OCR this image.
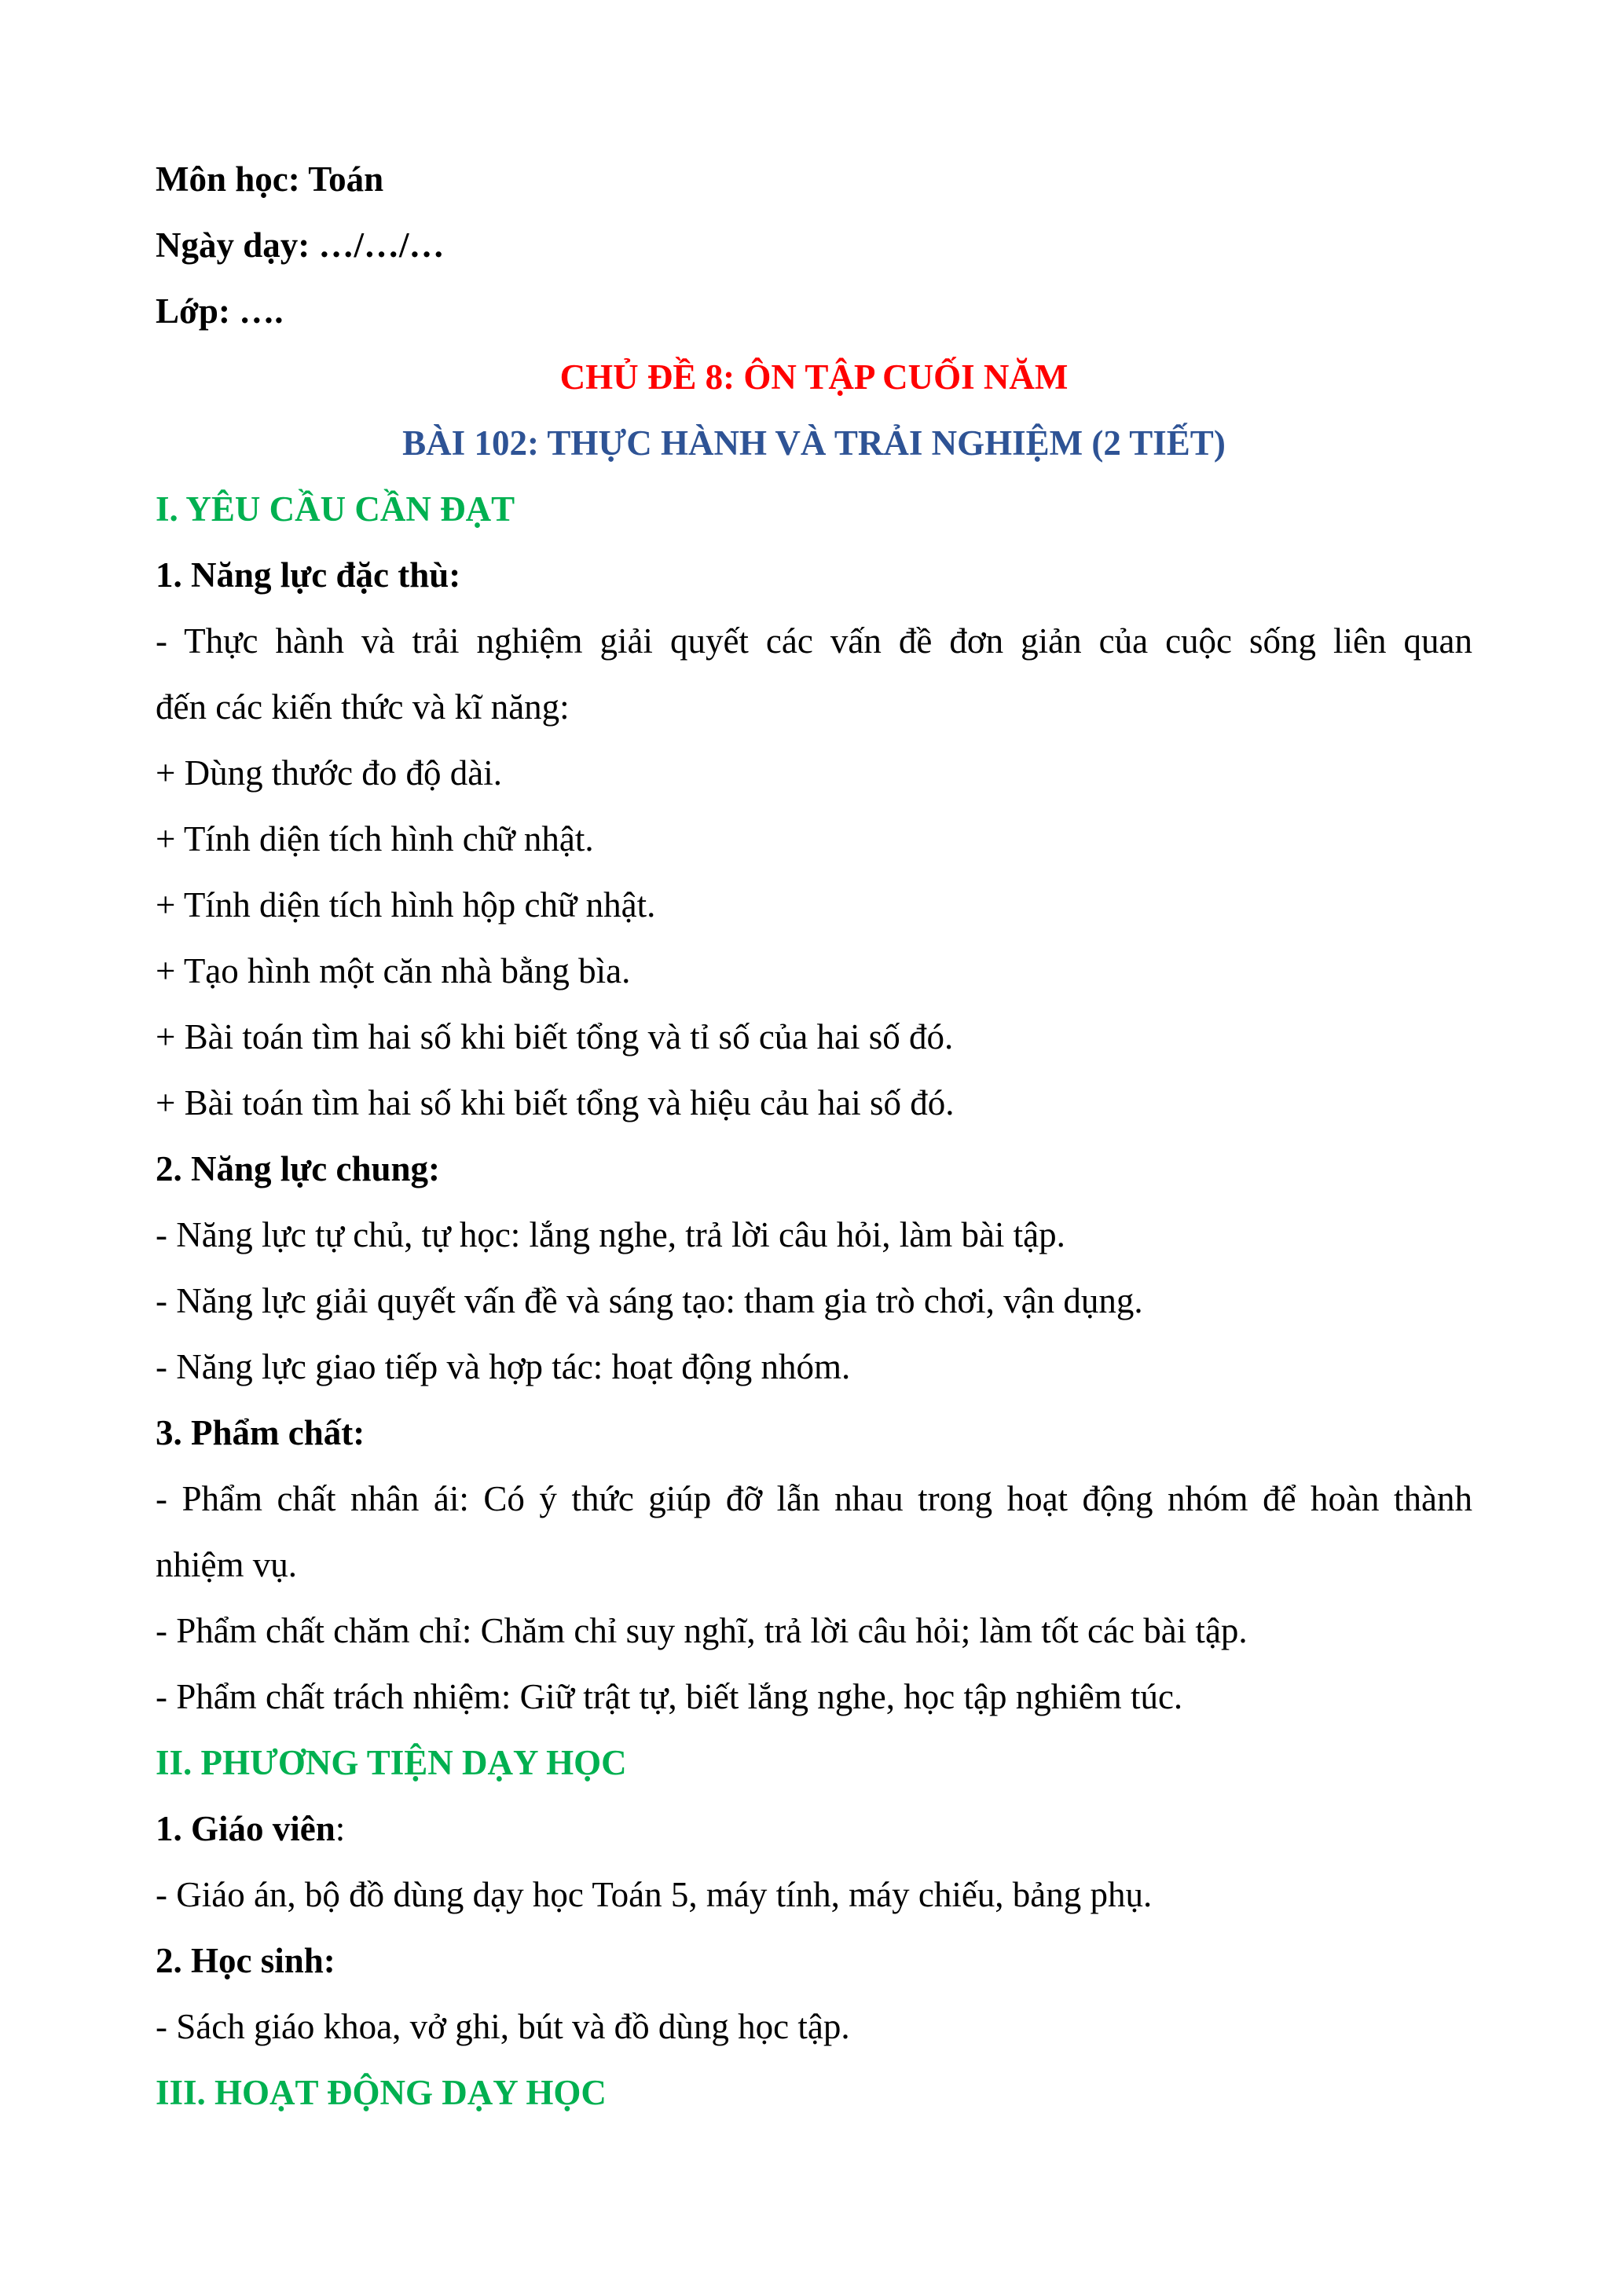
Môn học: Toán

Ngày dạy: …/…/…

Lớp: ….

CHỦ ĐỀ 8: ÔN TẬP CUỐI NĂM

BÀI 102: THỰC HÀNH VÀ TRẢI NGHIỆM (2 TIẾT)

I. YÊU CẦU CẦN ĐẠT

1. Năng lực đặc thù:

- Thực hành và trải nghiệm giải quyết các vấn đề đơn giản của cuộc sống liên quan

đến các kiến thức và kĩ năng:

+ Dùng thước đo độ dài.

+ Tính diện tích hình chữ nhật.

+ Tính diện tích hình hộp chữ nhật.

+ Tạo hình một căn nhà bằng bìa.

+ Bài toán tìm hai số khi biết tổng và tỉ số của hai số đó.

+ Bài toán tìm hai số khi biết tổng và hiệu cảu hai số đó.

2. Năng lực chung:

- Năng lực tự chủ, tự học: lắng nghe, trả lời câu hỏi, làm bài tập.

- Năng lực giải quyết vấn đề và sáng tạo: tham gia trò chơi, vận dụng.

- Năng lực giao tiếp và hợp tác: hoạt động nhóm.

3. Phẩm chất:

- Phẩm chất nhân ái: Có ý thức giúp đỡ lẫn nhau trong hoạt động nhóm để hoàn thành

nhiệm vụ.

- Phẩm chất chăm chỉ: Chăm chỉ suy nghĩ, trả lời câu hỏi; làm tốt các bài tập.

- Phẩm chất trách nhiệm: Giữ trật tự, biết lắng nghe, học tập nghiêm túc.

II. PHƯƠNG TIỆN DẠY HỌC

1. Giáo viên:

- Giáo án, bộ đồ dùng dạy học Toán 5, máy tính, máy chiếu, bảng phụ.

2. Học sinh:

- Sách giáo khoa, vở ghi, bút và đồ dùng học tập.

III. HOẠT ĐỘNG DẠY HỌC
